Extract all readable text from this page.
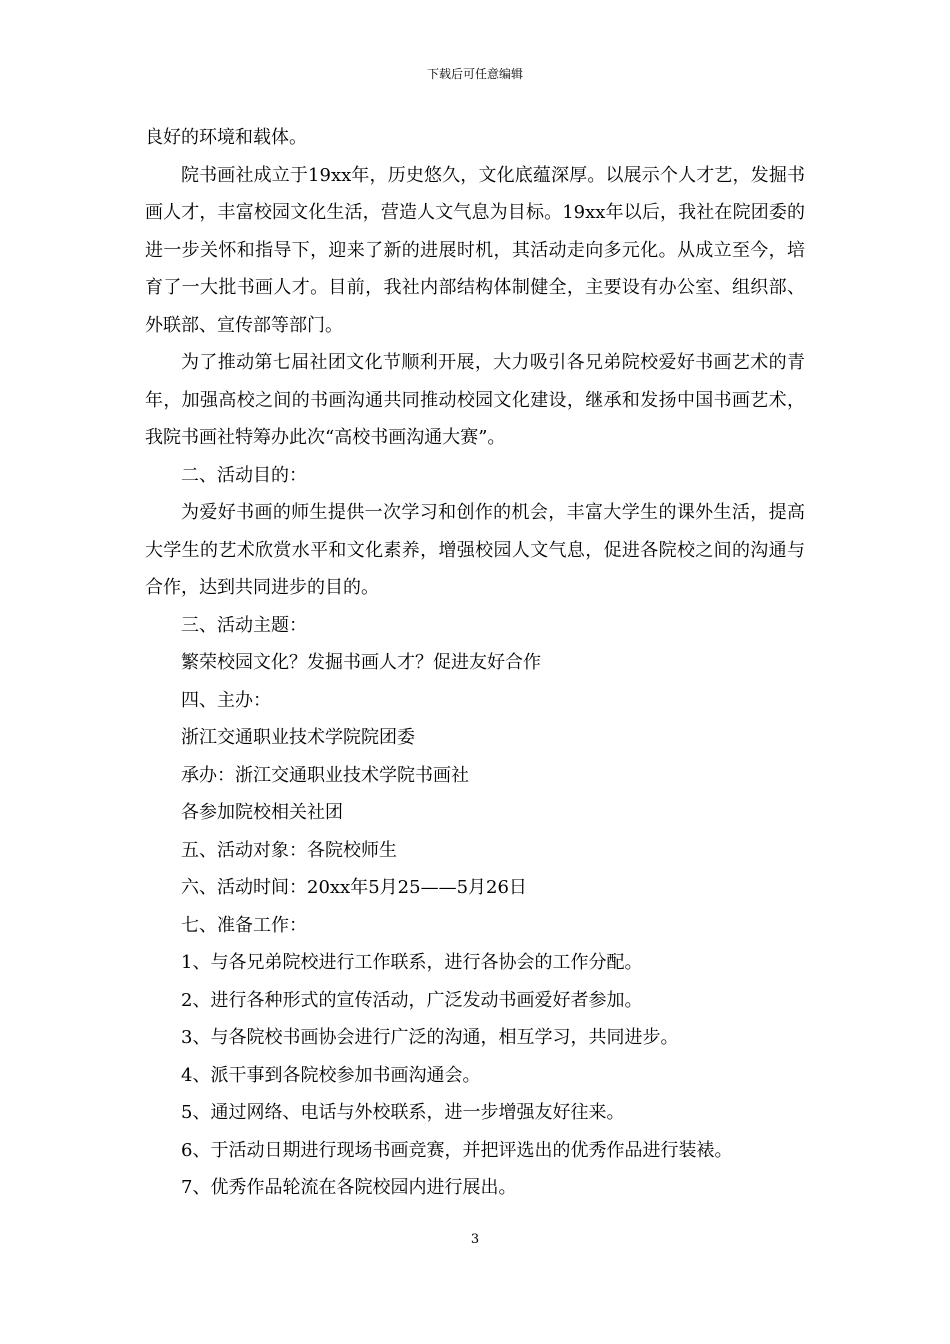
下载后可任意编辑

良好的环境和载体。

院书画社成立于19xx年，历史悠久，文化底蕴深厚。以展示个人才艺，发掘书画人才，丰富校园文化生活，营造人文气息为目标。19xx年以后，我社在院团委的进一步关怀和指导下，迎来了新的进展时机，其活动走向多元化。从成立至今，培育了一大批书画人才。目前，我社内部结构体制健全，主要设有办公室、组织部、外联部、宣传部等部门。

为了推动第七届社团文化节顺利开展，大力吸引各兄弟院校爱好书画艺术的青年，加强高校之间的书画沟通共同推动校园文化建设，继承和发扬中国书画艺术，我院书画社特筹办此次“高校书画沟通大赛”。

二、活动目的：

为爱好书画的师生提供一次学习和创作的机会，丰富大学生的课外生活，提高大学生的艺术欣赏水平和文化素养，增强校园人文气息，促进各院校之间的沟通与合作，达到共同进步的目的。

三、活动主题：

繁荣校园文化？发掘书画人才？促进友好合作

四、主办：

浙江交通职业技术学院院团委

承办：浙江交通职业技术学院书画社

各参加院校相关社团

五、活动对象：各院校师生

六、活动时间：20xx年5月25——5月26日

七、准备工作：

1、与各兄弟院校进行工作联系，进行各协会的工作分配。

2、进行各种形式的宣传活动，广泛发动书画爱好者参加。

3、与各院校书画协会进行广泛的沟通，相互学习，共同进步。

4、派干事到各院校参加书画沟通会。

5、通过网络、电话与外校联系，进一步增强友好往来。

6、于活动日期进行现场书画竞赛，并把评选出的优秀作品进行装裱。

7、优秀作品轮流在各院校园内进行展出。

3
